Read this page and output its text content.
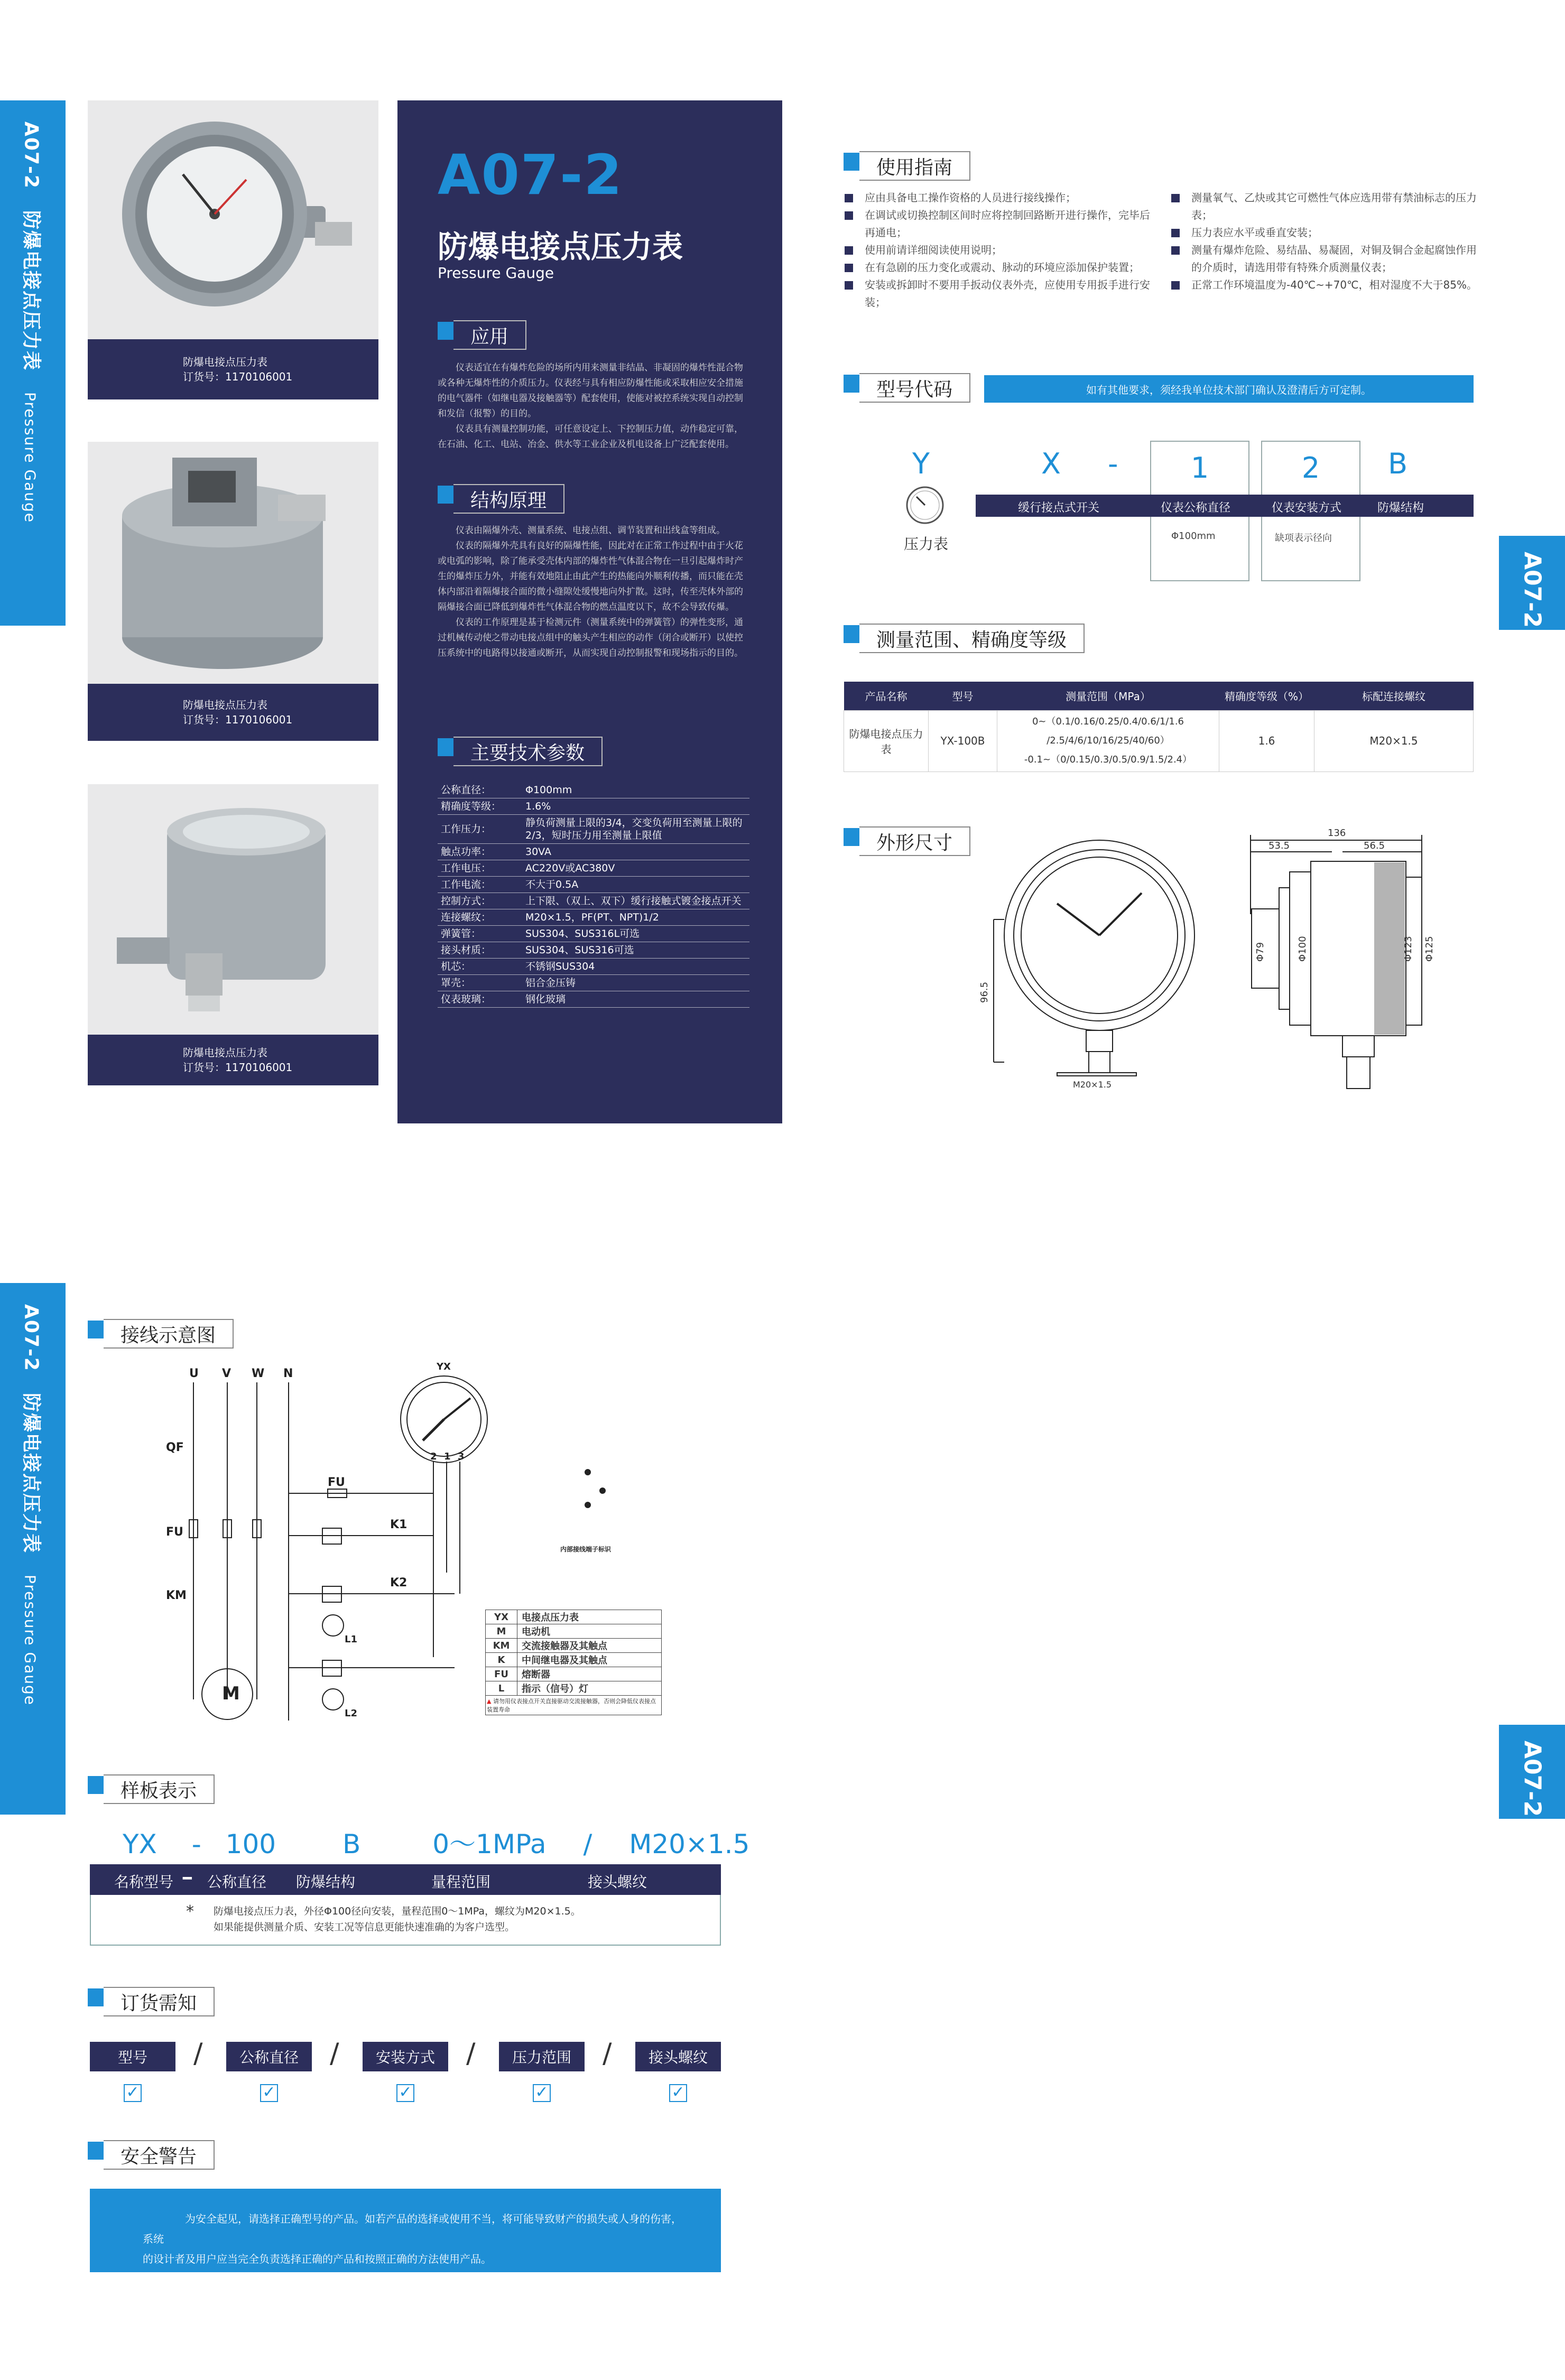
A07-2防爆电接点压力表Pressure Gauge
A07-2防爆电接点压力表Pressure Gauge
A07-2
A07-2
防爆电接点压力表
订货号：1170106001
防爆电接点压力表
订货号：1170106001
防爆电接点压力表
订货号：1170106001
A07-2
防爆电接点压力表
Pressure Gauge
应用

仪表适宜在有爆炸危险的场所内用来测量非结晶、非凝固的爆炸性混合物或各种无爆炸性的介质压力。仪表经与具有相应防爆性能或采取相应安全措施的电气器件（如继电器及接触器等）配套使用，使能对被控系统实现自动控制和发信（报警）的目的。

仪表具有测量控制功能，可任意设定上、下控制压力值，动作稳定可靠，在石油、化工、电站、冶金、供水等工业企业及机电设备上广泛配套使用。

结构原理

仪表由隔爆外壳、测量系统、电接点组、调节装置和出线盒等组成。

仪表的隔爆外壳具有良好的隔爆性能，因此对在正常工作过程中由于火花或电弧的影响，除了能承受壳体内部的爆炸性气体混合物在一旦引起爆炸时产生的爆炸压力外，并能有效地阻止由此产生的热能向外顺利传播，而只能在壳体内部沿着隔爆接合面的微小缝隙处缓慢地向外扩散。这时，传至壳体外部的隔爆接合面已降低到爆炸性气体混合物的燃点温度以下，故不会导致传爆。

仪表的工作原理是基于检测元件（测量系统中的弹簧管）的弹性变形，通过机械传动使之带动电接点组中的触头产生相应的动作（闭合或断开）以使控压系统中的电路得以接通或断开，从而实现自动控制报警和现场指示的目的。

主要技术参数
公称直径：	Φ100mm
精确度等级：	1.6%
工作压力：	静负荷测量上限的3/4，交变负荷用至测量上限的2/3，短时压力用至测量上限值
触点功率：	30VA
工作电压：	AC220V或AC380V
工作电流：	不大于0.5A
控制方式：	上下限、（双上、双下）缓行接触式镀金接点开关
连接螺纹：	M20×1.5，PF(PT、NPT)1/2
弹簧管：	SUS304、SUS316L可选
接头材质：	SUS304、SUS316可选
机芯：	不锈钢SUS304
罩壳：	铝合金压铸
仪表玻璃：	钢化玻璃
使用指南
应由具备电工操作资格的人员进行接线操作；
在调试或切换控制区间时应将控制回路断开进行操作，完毕后再通电；
使用前请详细阅读使用说明；
在有急剧的压力变化或震动、脉动的环境应添加保护装置；
安装或拆卸时不要用手扳动仪表外壳，应使用专用扳手进行安装；
测量氧气、乙炔或其它可燃性气体应选用带有禁油标志的压力表；
压力表应水平或垂直安装；
测量有爆炸危险、易结晶、易凝固，对铜及铜合金起腐蚀作用的介质时，请选用带有特殊介质测量仪表；
正常工作环境温度为-40℃~+70℃，相对湿度不大于85%。
型号代码	如有其他要求，须经我单位技术部门确认及澄清后方可定制。
Y	X -	1	2 B
压力表
缓行接点式开关	仪表公称直径	仪表安装方式	防爆结构
Φ100mm	缺项表示径向
测量范围、精确度等级
产品名称	型号	测量范围（MPa）	精确度等级（%）	标配连接螺纹
防爆电接点压力表	YX-100B	0~（0.1/0.16/0.25/0.4/0.6/1/1.6
/2.5/4/6/10/16/25/40/60）
-0.1~（0/0.15/0.3/0.5/0.9/1.5/2.4）	1.6	M20×1.5
外形尺寸	136
53.5	56.5
96.5
Φ79	Φ100	Φ123 Φ125
M20×1.5
接线示意图
U V W N
QF
FU
KM
M
FU
K1
K2
YX
2 1 3
L1
L2
内部接线端子标识
YX	电接点压力表
M	电动机
KM	交流接触器及其触点
K	中间继电器及其触点
FU	熔断器
L	指示（信号）灯
▲ 请勿用仪表接点开关直接驱动交流接触器，否则会降低仪表接点装置寿命	
样板表示
YX - 100	B	0～1MPa / M20×1.5
名称型号 ━ 公称直径 防爆结构	量程范围	接头螺纹
* 防爆电接点压力表，外径Φ100径向安装，量程范围0～1MPa，螺纹为M20×1.5。
如果能提供测量介质、安装工况等信息更能快速准确的为客户选型。
订货需知
型号
✓
/	公称直径
✓
/	安装方式
✓
/	压力范围
✓
/	接头螺纹
✓
安全警告
为安全起见，请选择正确型号的产品。如若产品的选择或使用不当，将可能导致财产的损失或人身的伤害，系统
的设计者及用户应当完全负责选择正确的产品和按照正确的方法使用产品。
